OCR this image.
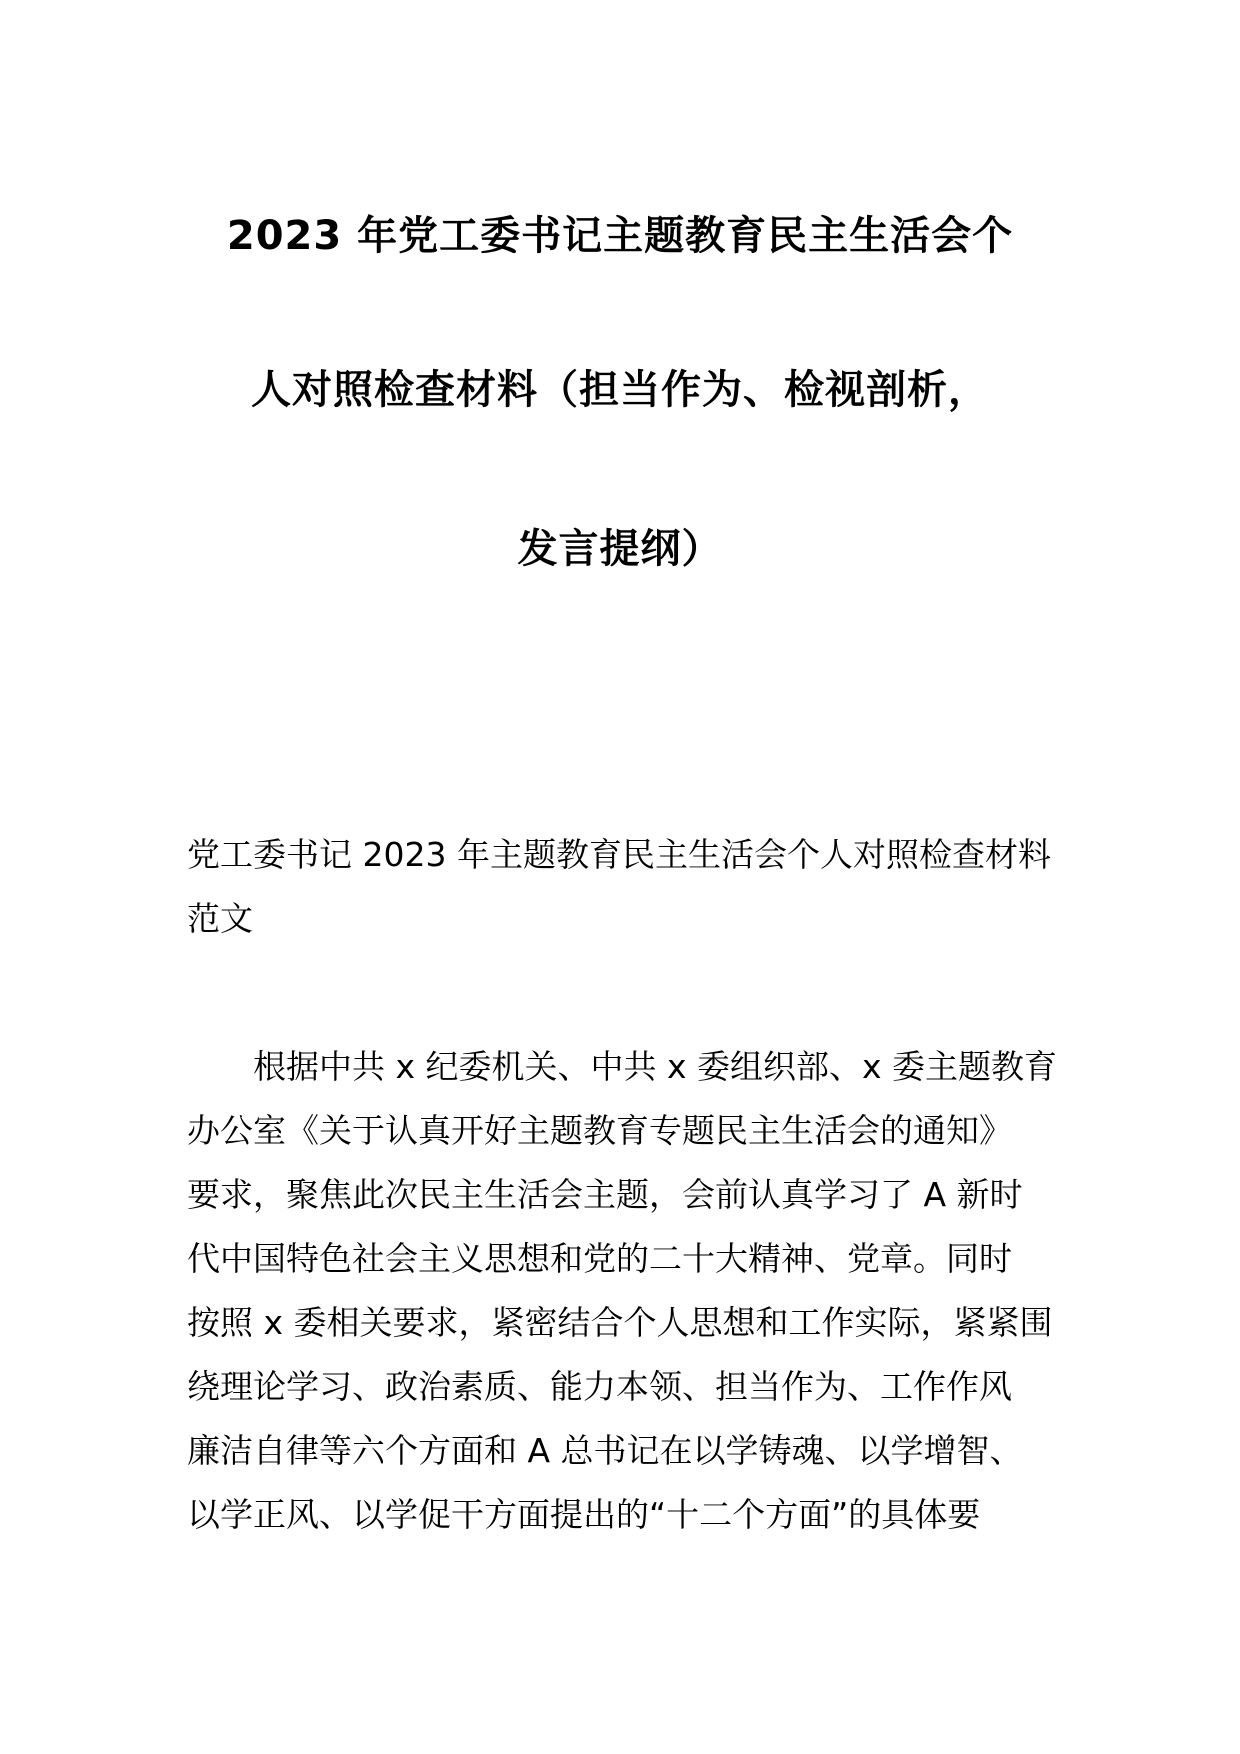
2023 年党工委书记主题教育民主生活会个
人对照检查材料（担当作为、检视剖析，
发言提纲）
党工委书记 2023 年主题教育民主生活会个人对照检查材料
范文
根据中共 x 纪委机关、中共 x 委组织部、x 委主题教育
办公室《关于认真开好主题教育专题民主生活会的通知》
要求，聚焦此次民主生活会主题，会前认真学习了 A 新时
代中国特色社会主义思想和党的二十大精神、党章。同时
按照 x 委相关要求，紧密结合个人思想和工作实际，紧紧围
绕理论学习、政治素质、能力本领、担当作为、工作作风
廉洁自律等六个方面和 A 总书记在以学铸魂、以学增智、
以学正风、以学促干方面提出的“十二个方面”的具体要
